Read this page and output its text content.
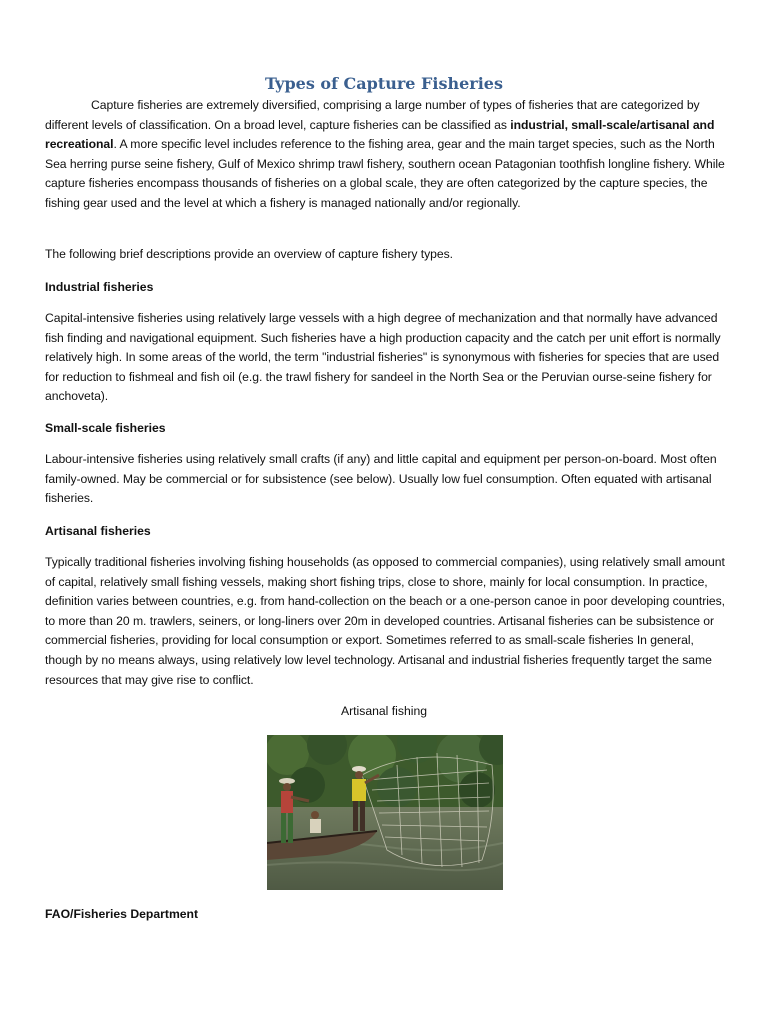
Types of Capture Fisheries

Capture fisheries are extremely diversified, comprising a large number of types of fisheries that are categorized by different levels of classification. On a broad level, capture fisheries can be classified as industrial, small-scale/artisanal and recreational. A more specific level includes reference to the fishing area, gear and the main target species, such as the North Sea herring purse seine fishery, Gulf of Mexico shrimp trawl fishery, southern ocean Patagonian toothfish longline fishery. While capture fisheries encompass thousands of fisheries on a global scale, they are often categorized by the capture species, the fishing gear used and the level at which a fishery is managed nationally and/or regionally.

The following brief descriptions provide an overview of capture fishery types.

Industrial fisheries

Capital-intensive fisheries using relatively large vessels with a high degree of mechanization and that normally have advanced fish finding and navigational equipment. Such fisheries have a high production capacity and the catch per unit effort is normally relatively high. In some areas of the world, the term "industrial fisheries" is synonymous with fisheries for species that are used for reduction to fishmeal and fish oil (e.g. the trawl fishery for sandeel in the North Sea or the Peruvian ourse-seine fishery for anchoveta).

Small-scale fisheries

Labour-intensive fisheries using relatively small crafts (if any) and little capital and equipment per person-on-board. Most often family-owned. May be commercial or for subsistence (see below). Usually low fuel consumption. Often equated with artisanal fisheries.

Artisanal fisheries

Typically traditional fisheries involving fishing households (as opposed to commercial companies), using relatively small amount of capital, relatively small fishing vessels, making short fishing trips, close to shore, mainly for local consumption. In practice, definition varies between countries, e.g. from hand-collection on the beach or a one-person canoe in poor developing countries, to more than 20 m. trawlers, seiners, or long-liners over 20m in developed countries. Artisanal fisheries can be subsistence or commercial fisheries, providing for local consumption or export. Sometimes referred to as small-scale fisheries In general, though by no means always, using relatively low level technology. Artisanal and industrial fisheries frequently target the same resources that may give rise to conflict.

Artisanal fishing

FAO/Fisheries Department
